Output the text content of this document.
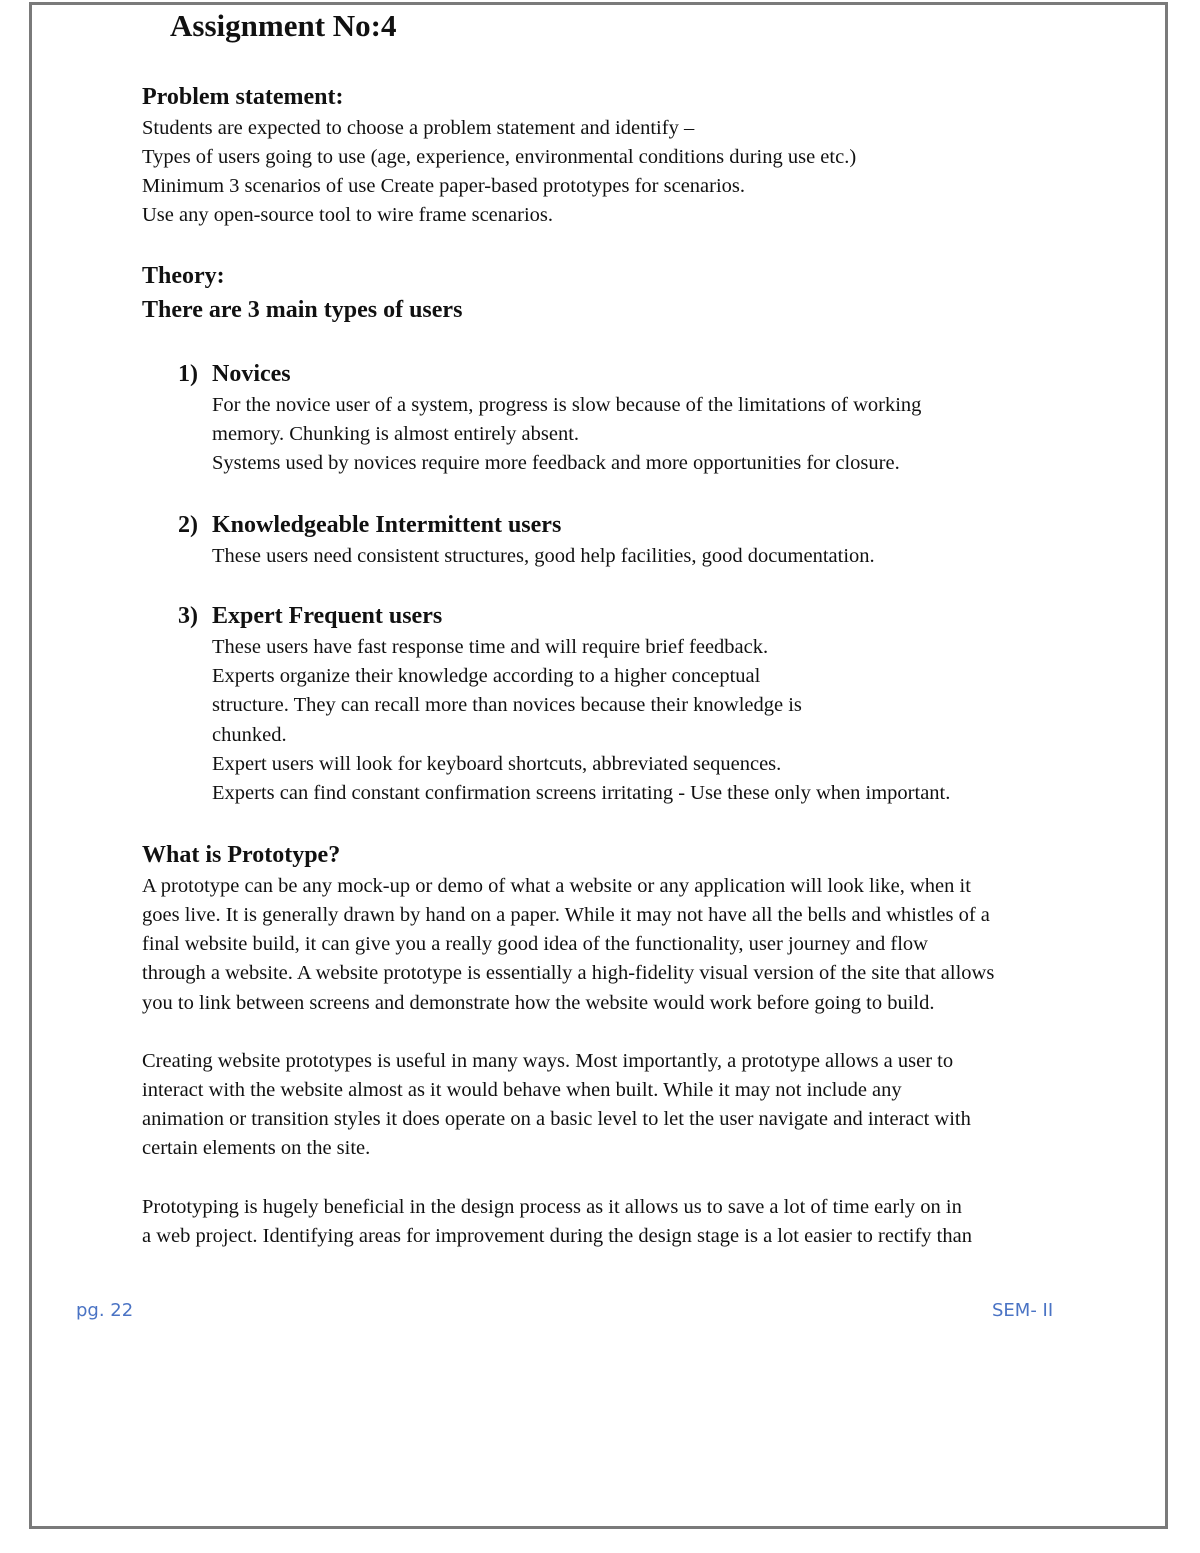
Assignment No:4
Problem statement:

Students are expected to choose a problem statement and identify –

Types of users going to use (age, experience, environmental conditions during use etc.)

Minimum 3 scenarios of use Create paper-based prototypes for scenarios.

Use any open-source tool to wire frame scenarios.

Theory:
There are 3 main types of users
1) Novices

For the novice user of a system, progress is slow because of the limitations of working

memory. Chunking is almost entirely absent.

Systems used by novices require more feedback and more opportunities for closure.

2) Knowledgeable Intermittent users

These users need consistent structures, good help facilities, good documentation.

3) Expert Frequent users

These users have fast response time and will require brief feedback.

Experts organize their knowledge according to a higher conceptual

structure. They can recall more than novices because their knowledge is

chunked.

Expert users will look for keyboard shortcuts, abbreviated sequences.

Experts can find constant confirmation screens irritating - Use these only when important.

What is Prototype?

A prototype can be any mock-up or demo of what a website or any application will look like, when it

goes live. It is generally drawn by hand on a paper. While it may not have all the bells and whistles of a

final website build, it can give you a really good idea of the functionality, user journey and flow

through a website. A website prototype is essentially a high-fidelity visual version of the site that allows

you to link between screens and demonstrate how the website would work before going to build.

Creating website prototypes is useful in many ways. Most importantly, a prototype allows a user to

interact with the website almost as it would behave when built. While it may not include any

animation or transition styles it does operate on a basic level to let the user navigate and interact with

certain elements on the site.

Prototyping is hugely beneficial in the design process as it allows us to save a lot of time early on in

a web project. Identifying areas for improvement during the design stage is a lot easier to rectify than

pg. 22	SEM- II
